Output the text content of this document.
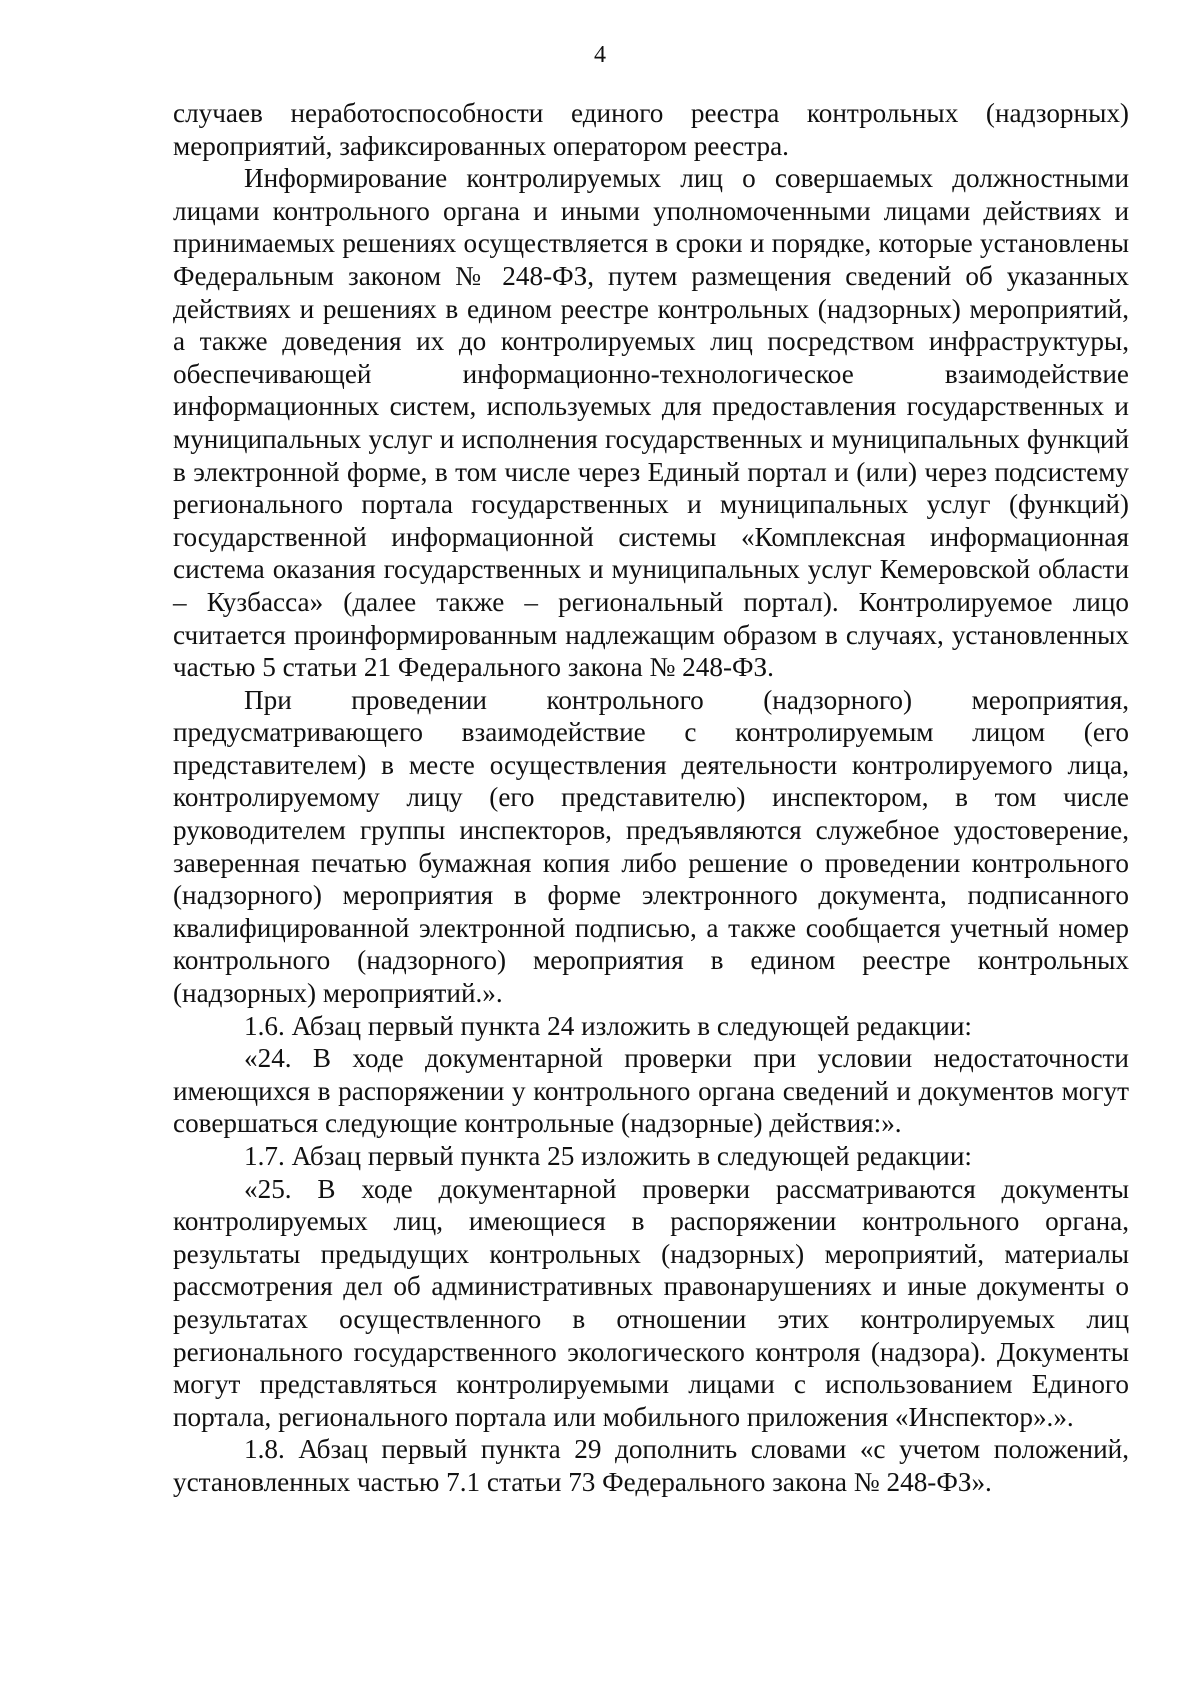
4

случаев неработоспособности единого реестра контрольных (надзорных) мероприятий, зафиксированных оператором реестра.

Информирование контролируемых лиц о совершаемых должностными лицами контрольного органа и иными уполномоченными лицами действиях и принимаемых решениях осуществляется в сроки и порядке, которые установлены Федеральным законом № 248-ФЗ, путем размещения сведений об указанных действиях и решениях в едином реестре контрольных (надзорных) мероприятий, а также доведения их до контролируемых лиц посредством инфраструктуры, обеспечивающей информационно-технологическое взаимодействие информационных систем, используемых для предоставления государственных и муниципальных услуг и исполнения государственных и муниципальных функций в электронной форме, в том числе через Единый портал и (или) через подсистему регионального портала государственных и муниципальных услуг (функций) государственной информационной системы «Комплексная информационная система оказания государственных и муниципальных услуг Кемеровской области – Кузбасса» (далее также – региональный портал). Контролируемое лицо считается проинформированным надлежащим образом в случаях, установленных частью 5 статьи 21 Федерального закона № 248-ФЗ.

При проведении контрольного (надзорного) мероприятия, предусматривающего взаимодействие с контролируемым лицом (его представителем) в месте осуществления деятельности контролируемого лица, контролируемому лицу (его представителю) инспектором, в том числе руководителем группы инспекторов, предъявляются служебное удостоверение, заверенная печатью бумажная копия либо решение о проведении контрольного (надзорного) мероприятия в форме электронного документа, подписанного квалифицированной электронной подписью, а также сообщается учетный номер контрольного (надзорного) мероприятия в едином реестре контрольных (надзорных) мероприятий.».

1.6. Абзац первый пункта 24 изложить в следующей редакции:

«24. В ходе документарной проверки при условии недостаточности имеющихся в распоряжении у контрольного органа сведений и документов могут совершаться следующие контрольные (надзорные) действия:».

1.7. Абзац первый пункта 25 изложить в следующей редакции:

«25. В ходе документарной проверки рассматриваются документы контролируемых лиц, имеющиеся в распоряжении контрольного органа, результаты предыдущих контрольных (надзорных) мероприятий, материалы рассмотрения дел об административных правонарушениях и иные документы о результатах осуществленного в отношении этих контролируемых лиц регионального государственного экологического контроля (надзора). Документы могут представляться контролируемыми лицами с использованием Единого портала, регионального портала или мобильного приложения «Инспектор».».

1.8. Абзац первый пункта 29 дополнить словами «с учетом положений, установленных частью 7.1 статьи 73 Федерального закона № 248-ФЗ».
